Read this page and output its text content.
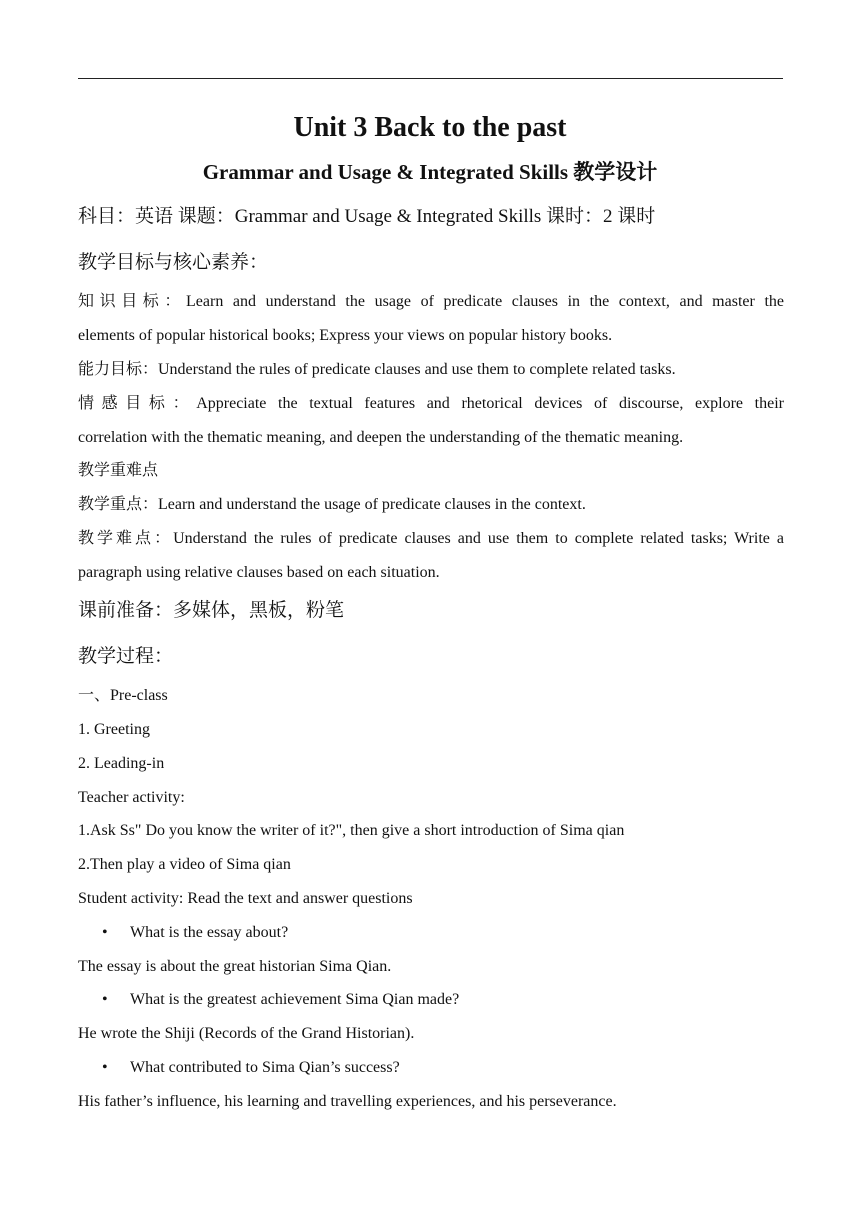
Unit 3 Back to the past
Grammar and Usage & Integrated Skills 教学设计
科目：英语 课题：Grammar and Usage & Integrated Skills 课时：2 课时
教学目标与核心素养：
知识目标：Learn and understand the usage of predicate clauses in the context, and master the
elements of popular historical books; Express your views on popular history books.
能力目标：Understand the rules of predicate clauses and use them to complete related tasks.
情感目标：Appreciate the textual features and rhetorical devices of discourse, explore their
correlation with the thematic meaning, and deepen the understanding of the thematic meaning.
教学重难点
教学重点：Learn and understand the usage of predicate clauses in the context.
教学难点：Understand the rules of predicate clauses and use them to complete related tasks; Write a
paragraph using relative clauses based on each situation.
课前准备：多媒体，黑板，粉笔
教学过程：
一、Pre-class
1. Greeting
2. Leading-in
Teacher activity:
1.Ask Ss" Do you know the writer of it?", then give a short introduction of Sima qian
2.Then play a video of Sima qian
Student activity: Read the text and answer questions
• What is the essay about?
The essay is about the great historian Sima Qian.
• What is the greatest achievement Sima Qian made?
He wrote the Shiji (Records of the Grand Historian).
• What contributed to Sima Qian’s success?
His father’s influence, his learning and travelling experiences, and his perseverance.
